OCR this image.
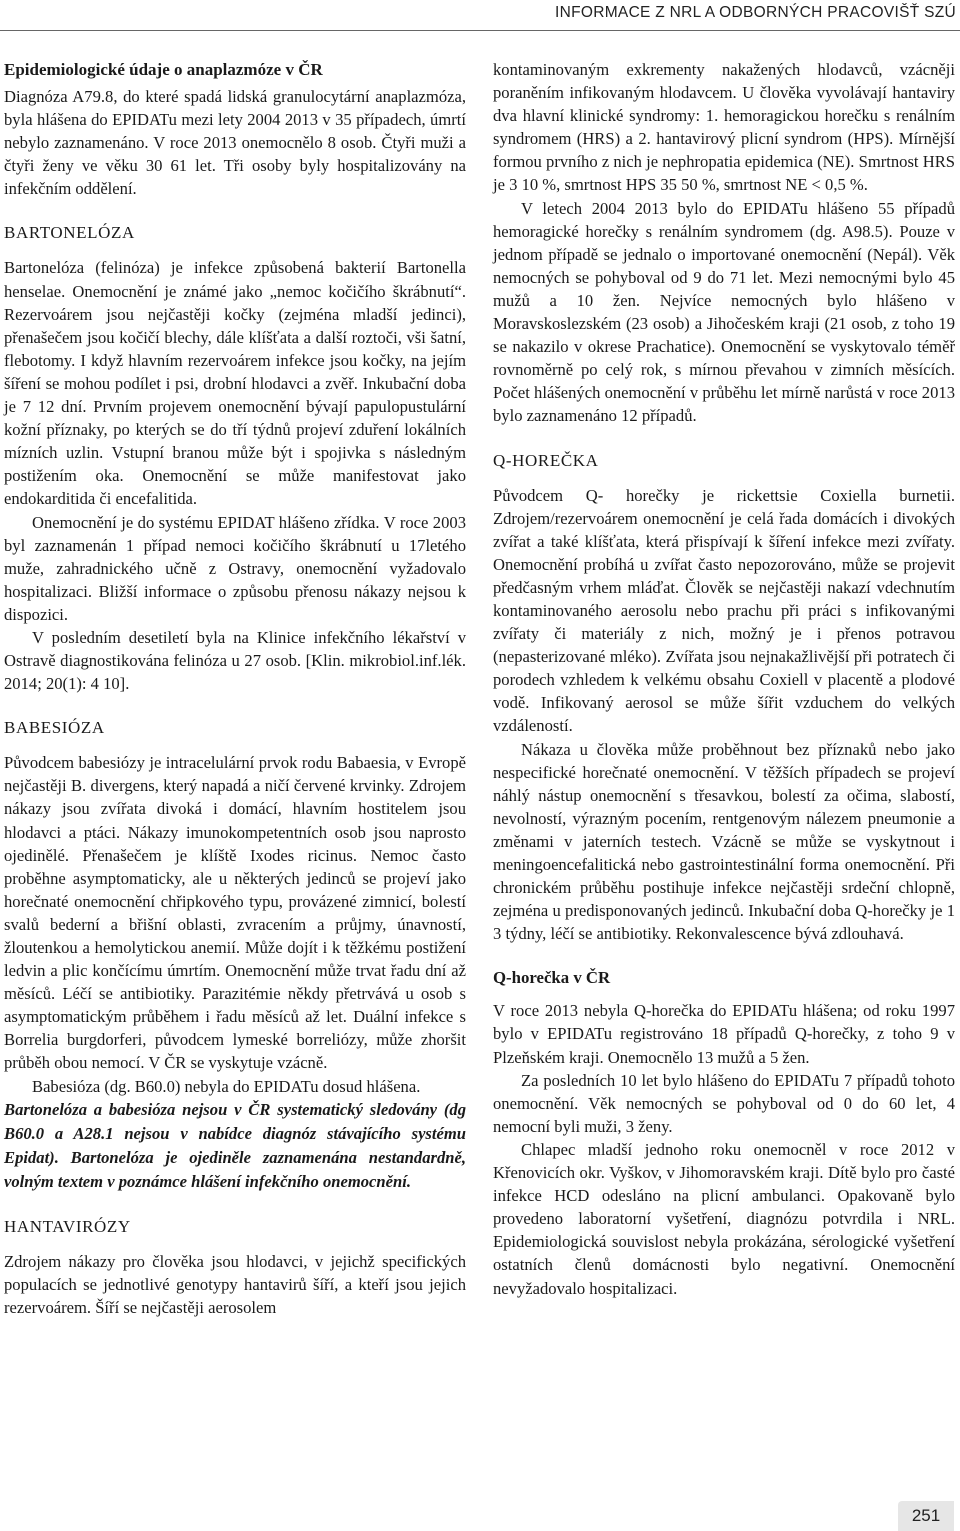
INFORMACE Z NRL A ODBORNÝCH PRACOVIŠŤ SZÚ
Epidemiologické údaje o anaplazmóze v ČR

Diagnóza A79.8, do které spadá lidská granulocytární anaplazmóza, byla hlášena do EPIDATu mezi lety 2004 2013 v 35 případech, úmrtí nebylo zaznamenáno. V roce 2013 onemocnělo 8 osob. Čtyři muži a čtyři ženy ve věku 30 61 let. Tři osoby byly hospitalizovány na infekčním oddělení.

BARTONELÓZA

Bartonelóza (felinóza) je infekce způsobená bakterií Bartonella henselae. Onemocnění je známé jako „nemoc kočičího škrábnutí“. Rezervoárem jsou nejčastěji kočky (zejména mladší jedinci), přenašečem jsou kočičí blechy, dále klíšťata a další roztoči, vši šatní, flebotomy. I když hlavním rezervoárem infekce jsou kočky, na jejím šíření se mohou podílet i psi, drobní hlodavci a zvěř. Inkubační doba je 7 12 dní. Prvním projevem onemocnění bývají papulopustulární kožní příznaky, po kterých se do tří týdnů projeví zduření lokálních mízních uzlin. Vstupní branou může být i spojivka s následným postižením oka. Onemocnění se může manifestovat jako endokarditida či encefalitida.

Onemocnění je do systému EPIDAT hlášeno zřídka. V roce 2003 byl zaznamenán 1 případ nemoci kočičího škrábnutí u 17letého muže, zahradnického učně z Ostravy, onemocnění vyžadovalo hospitalizaci. Bližší informace o způsobu přenosu nákazy nejsou k dispozici.

V posledním desetiletí byla na Klinice infekčního lékařství v Ostravě diagnostikována felinóza u 27 osob. [Klin. mikrobiol.inf.lék. 2014; 20(1): 4 10].

BABESIÓZA

Původcem babesiózy je intracelulární prvok rodu Babaesia, v Evropě nejčastěji B. divergens, který napadá a ničí červené krvinky. Zdrojem nákazy jsou zvířata divoká i domácí, hlavním hostitelem jsou hlodavci a ptáci. Nákazy imunokompetentních osob jsou naprosto ojedinělé. Přenašečem je klíště Ixodes ricinus. Nemoc často proběhne asymptomaticky, ale u některých jedinců se projeví jako horečnaté onemocnění chřipkového typu, provázené zimnicí, bolestí svalů bederní a břišní oblasti, zvracením a průjmy, únavností, žloutenkou a hemolytickou anemií. Může dojít i k těžkému postižení ledvin a plic končícímu úmrtím. Onemocnění může trvat řadu dní až měsíců. Léčí se antibiotiky. Parazitémie někdy přetrvává u osob s asymptomatickým průběhem i řadu měsíců až let. Duální infekce s Borrelia burgdorferi, původcem lymeské borreliózy, může zhoršit průběh obou nemocí. V ČR se vyskytuje vzácně.

Babesióza (dg. B60.0) nebyla do EPIDATu dosud hlášena.

Bartonelóza a babesióza nejsou v ČR systematický sledovány (dg B60.0 a A28.1 nejsou v nabídce diagnóz stávajícího systému Epidat). Bartonelóza je ojediněle zaznamenána nestandardně, volným textem v poznámce hlášení infekčního onemocnění.

HANTAVIRÓZY

Zdrojem nákazy pro člověka jsou hlodavci, v jejichž specifických populacích se jednotlivé genotypy hantavirů šíří, a kteří jsou jejich rezervoárem. Šíří se nejčastěji aerosolem

kontaminovaným exkrementy nakažených hlodavců, vzácněji poraněním infikovaným hlodavcem. U člověka vyvolávají hantaviry dva hlavní klinické syndromy: 1. hemoragickou horečku s renálním syndromem (HRS) a 2. hantavirový plicní syndrom (HPS). Mírnější formou prvního z nich je nephropatia epidemica (NE). Smrtnost HRS je 3 10 %, smrtnost HPS 35 50 %, smrtnost NE < 0,5 %.

V letech 2004 2013 bylo do EPIDATu hlášeno 55 případů hemoragické horečky s renálním syndromem (dg. A98.5). Pouze v jednom případě se jednalo o importované onemocnění (Nepál). Věk nemocných se pohyboval od 9 do 71 let. Mezi nemocnými bylo 45 mužů a 10 žen. Nejvíce nemocných bylo hlášeno v Moravskoslezském (23 osob) a Jihočeském kraji (21 osob, z toho 19 se nakazilo v okrese Prachatice). Onemocnění se vyskytovalo téměř rovnoměrně po celý rok, s mírnou převahou v zimních měsících. Počet hlášených onemocnění v průběhu let mírně narůstá v roce 2013 bylo zaznamenáno 12 případů.

Q-HOREČKA

Původcem Q- horečky je rickettsie Coxiella burnetii. Zdrojem/rezervoárem onemocnění je celá řada domácích i divokých zvířat a také klíšťata, která přispívají k šíření infekce mezi zvířaty. Onemocnění probíhá u zvířat často nepozorováno, může se projevit předčasným vrhem mláďat. Člověk se nejčastěji nakazí vdechnutím kontaminovaného aerosolu nebo prachu při práci s infikovanými zvířaty či materiály z nich, možný je i přenos potravou (nepasterizované mléko). Zvířata jsou nejnakažlivější při potratech či porodech vzhledem k velkému obsahu Coxiell v placentě a plodové vodě. Infikovaný aerosol se může šířit vzduchem do velkých vzdáleností.

Nákaza u člověka může proběhnout bez příznaků nebo jako nespecifické horečnaté onemocnění. V těžších případech se projeví náhlý nástup onemocnění s třesavkou, bolestí za očima, slabostí, nevolností, výrazným pocením, rentgenovým nálezem pneumonie a změnami v jaterních testech. Vzácně se může se vyskytnout i meningoencefalitická nebo gastrointestinální forma onemocnění. Při chronickém průběhu postihuje infekce nejčastěji srdeční chlopně, zejména u predisponovaných jedinců. Inkubační doba Q-horečky je 1 3 týdny, léčí se antibiotiky. Rekonvalescence bývá zdlouhavá.

Q-horečka v ČR

V roce 2013 nebyla Q-horečka do EPIDATu hlášena; od roku 1997 bylo v EPIDATu registrováno 18 případů Q-horečky, z toho 9 v Plzeňském kraji. Onemocnělo 13 mužů a 5 žen.

Za posledních 10 let bylo hlášeno do EPIDATu 7 případů tohoto onemocnění. Věk nemocných se pohyboval od 0 do 60 let, 4 nemocní byli muži, 3 ženy.

Chlapec mladší jednoho roku onemocněl v roce 2012 v Křenovicích okr. Vyškov, v Jihomoravském kraji. Dítě bylo pro časté infekce HCD odesláno na plicní ambulanci. Opakovaně bylo provedeno laboratorní vyšetření, diagnózu potvrdila i NRL. Epidemiologická souvislost nebyla prokázána, sérologické vyšetření ostatních členů domácnosti bylo negativní. Onemocnění nevyžadovalo hospitalizaci.

251
